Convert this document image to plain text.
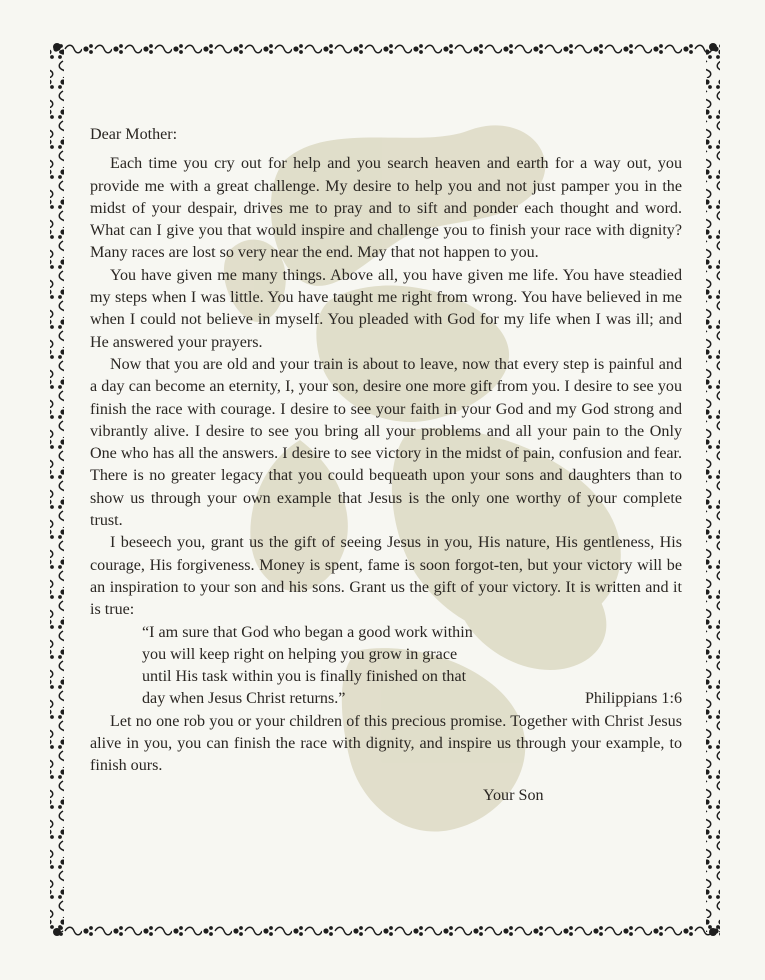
Dear Mother:

Each time you cry out for help and you search heaven and earth for a way out, you provide me with a great challenge. My desire to help you and not just pamper you in the midst of your despair, drives me to pray and to sift and ponder each thought and word. What can I give you that would inspire and challenge you to finish your race with dignity? Many races are lost so very near the end. May that not happen to you.

You have given me many things. Above all, you have given me life. You have steadied my steps when I was little. You have taught me right from wrong. You have believed in me when I could not believe in myself. You pleaded with God for my life when I was ill; and He answered your prayers.

Now that you are old and your train is about to leave, now that every step is painful and a day can become an eternity, I, your son, desire one more gift from you. I desire to see you finish the race with courage. I desire to see your faith in your God and my God strong and vibrantly alive. I desire to see you bring all your problems and all your pain to the Only One who has all the answers. I desire to see victory in the midst of pain, confusion and fear. There is no greater legacy that you could bequeath upon your sons and daughters than to show us through your own example that Jesus is the only one worthy of your complete trust.

I beseech you, grant us the gift of seeing Jesus in you, His nature, His gentleness, His courage, His forgiveness. Money is spent, fame is soon forgot-ten, but your victory will be an inspiration to your son and his sons. Grant us the gift of your victory. It is written and it is true:

“I am sure that God who began a good work within
you will keep right on helping you grow in grace
until His task within you is finally finished on that
day when Jesus Christ returns.”	Philippians 1:6

Let no one rob you or your children of this precious promise. Together with Christ Jesus alive in you, you can finish the race with dignity, and inspire us through your example, to finish ours.

Your Son
